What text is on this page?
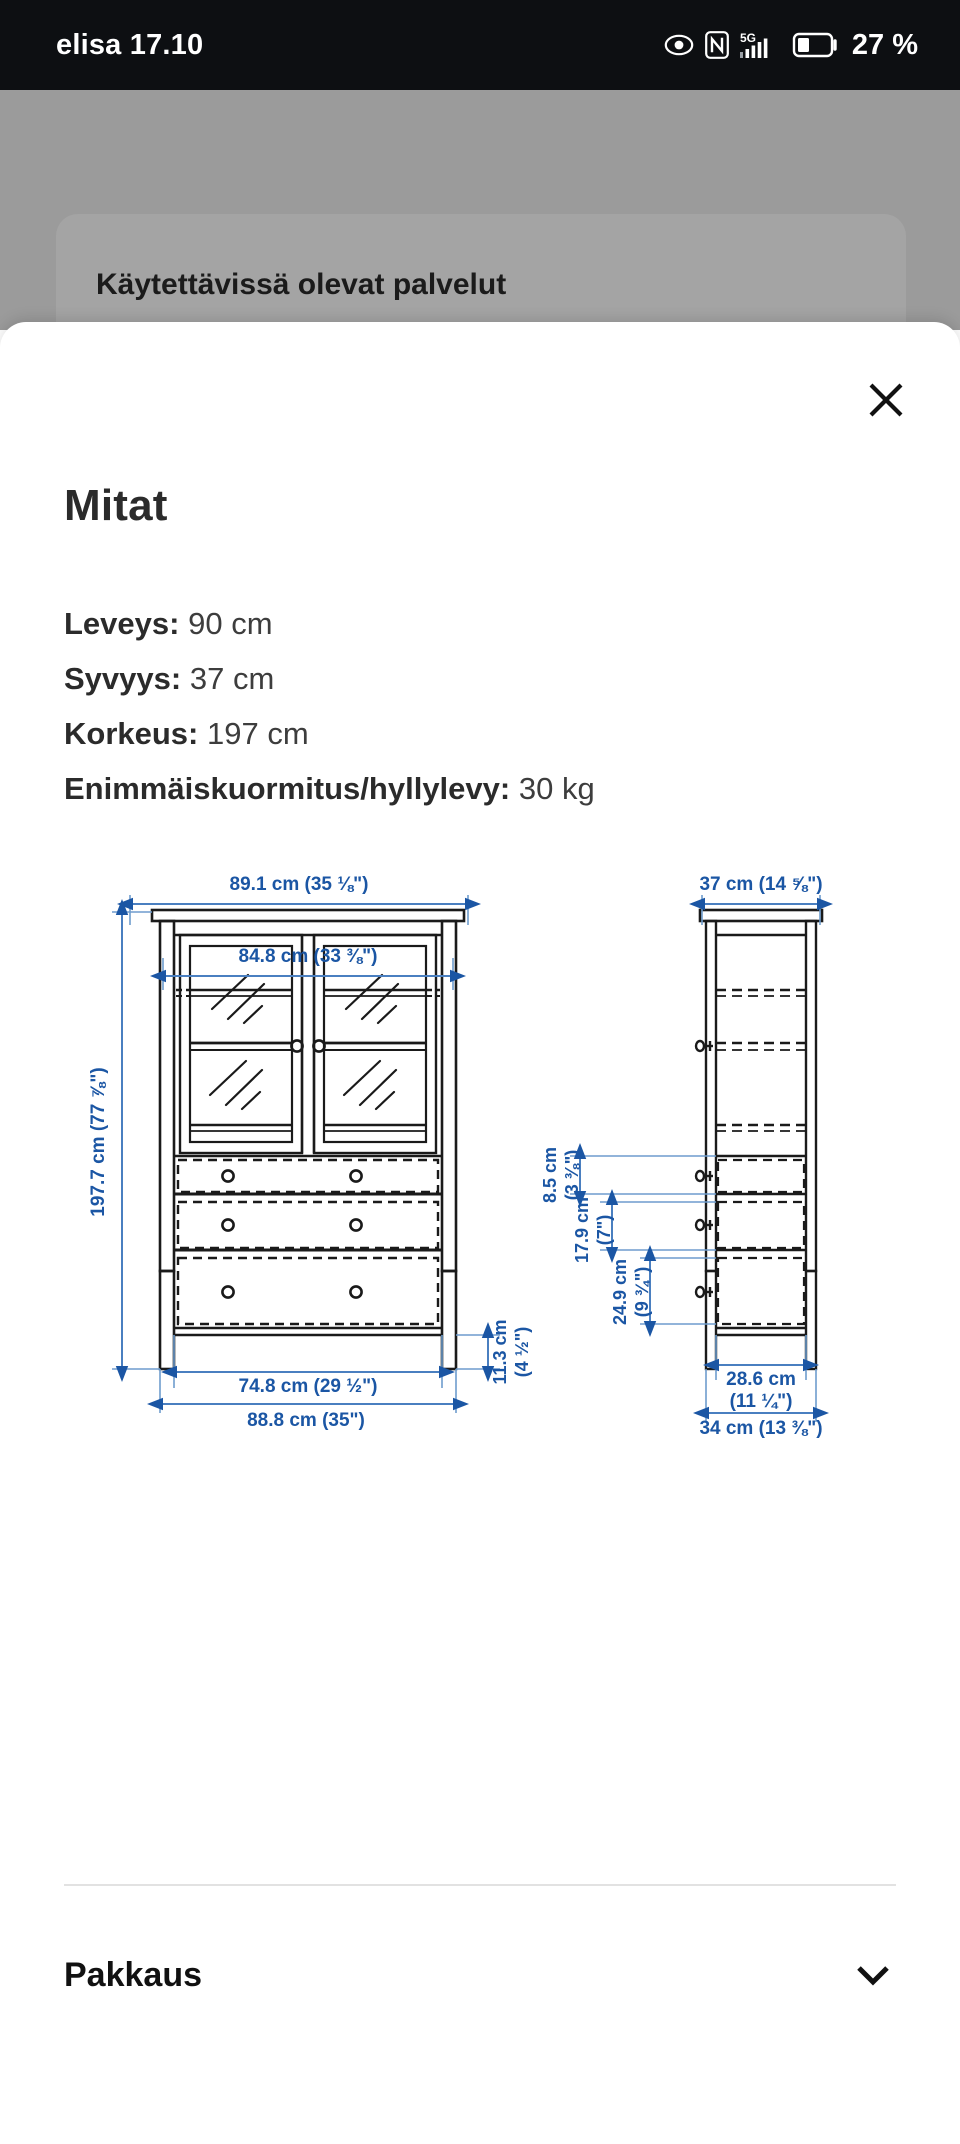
elisa 17.10	5G	27 %
Käytettävissä olevat palvelut
Mitat
Leveys: 90 cm
Syvyys: 37 cm
Korkeus: 197 cm
Enimmäiskuormitus/hyllylevy: 30 kg
89.1 cm (35 ⅛")
84.8 cm (33 ⅜")
197.7 cm (77 ⅞")
11.3 cm (4 ½")
74.8 cm (29 ½")
88.8 cm (35")
37 cm (14 ⅝")
8.5 cm (3 ⅜")
17.9 cm (7")
24.9 cm (9 ¾")
28.6 cm
(11 ¼")
34 cm (13 ⅜")
Pakkaus
